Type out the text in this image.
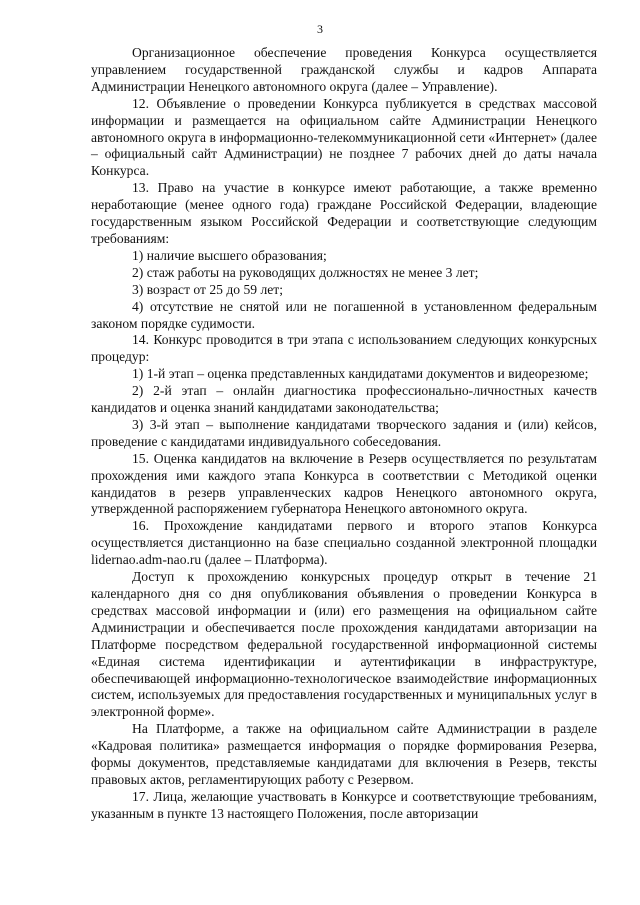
3

Организационное обеспечение проведения Конкурса осуществляется управлением государственной гражданской службы и кадров Аппарата Администрации Ненецкого автономного округа (далее – Управление).

12. Объявление о проведении Конкурса публикуется в средствах массовой информации и размещается на официальном сайте Администрации Ненецкого автономного округа в информационно-телекоммуникационной сети «Интернет» (далее – официальный сайт Администрации) не позднее 7 рабочих дней до даты начала Конкурса.

13. Право на участие в конкурсе имеют работающие, а также временно неработающие (менее одного года) граждане Российской Федерации, владеющие государственным языком Российской Федерации и соответствующие следующим требованиям:

1) наличие высшего образования;

2) стаж работы на руководящих должностях не менее 3 лет;

3) возраст от 25 до 59 лет;

4) отсутствие не снятой или не погашенной в установленном федеральным законом порядке судимости.

14. Конкурс проводится в три этапа с использованием следующих конкурсных процедур:

1) 1-й этап – оценка представленных кандидатами документов и видеорезюме;

2) 2-й этап – онлайн диагностика профессионально-личностных качеств кандидатов и оценка знаний кандидатами законодательства;

3) 3-й этап – выполнение кандидатами творческого задания и (или) кейсов, проведение с кандидатами индивидуального собеседования.

15. Оценка кандидатов на включение в Резерв осуществляется по результатам прохождения ими каждого этапа Конкурса в соответствии с Методикой оценки кандидатов в резерв управленческих кадров Ненецкого автономного округа, утвержденной распоряжением губернатора Ненецкого автономного округа.

16. Прохождение кандидатами первого и второго этапов Конкурса осуществляется дистанционно на базе специально созданной электронной площадки lidernao.adm-nao.ru (далее – Платформа).

Доступ к прохождению конкурсных процедур открыт в течение 21 календарного дня со дня опубликования объявления о проведении Конкурса в средствах массовой информации и (или) его размещения на официальном сайте Администрации и обеспечивается после прохождения кандидатами авторизации на Платформе посредством федеральной государственной информационной системы «Единая система идентификации и аутентификации в инфраструктуре, обеспечивающей информационно-технологическое взаимодействие информационных систем, используемых для предоставления государственных и муниципальных услуг в электронной форме».

На Платформе, а также на официальном сайте Администрации в разделе «Кадровая политика» размещается информация о порядке формирования Резерва, формы документов, представляемые кандидатами для включения в Резерв, тексты правовых актов, регламентирующих работу с Резервом.

17. Лица, желающие участвовать в Конкурсе и соответствующие требованиям, указанным в пункте 13 настоящего Положения, после авторизации
